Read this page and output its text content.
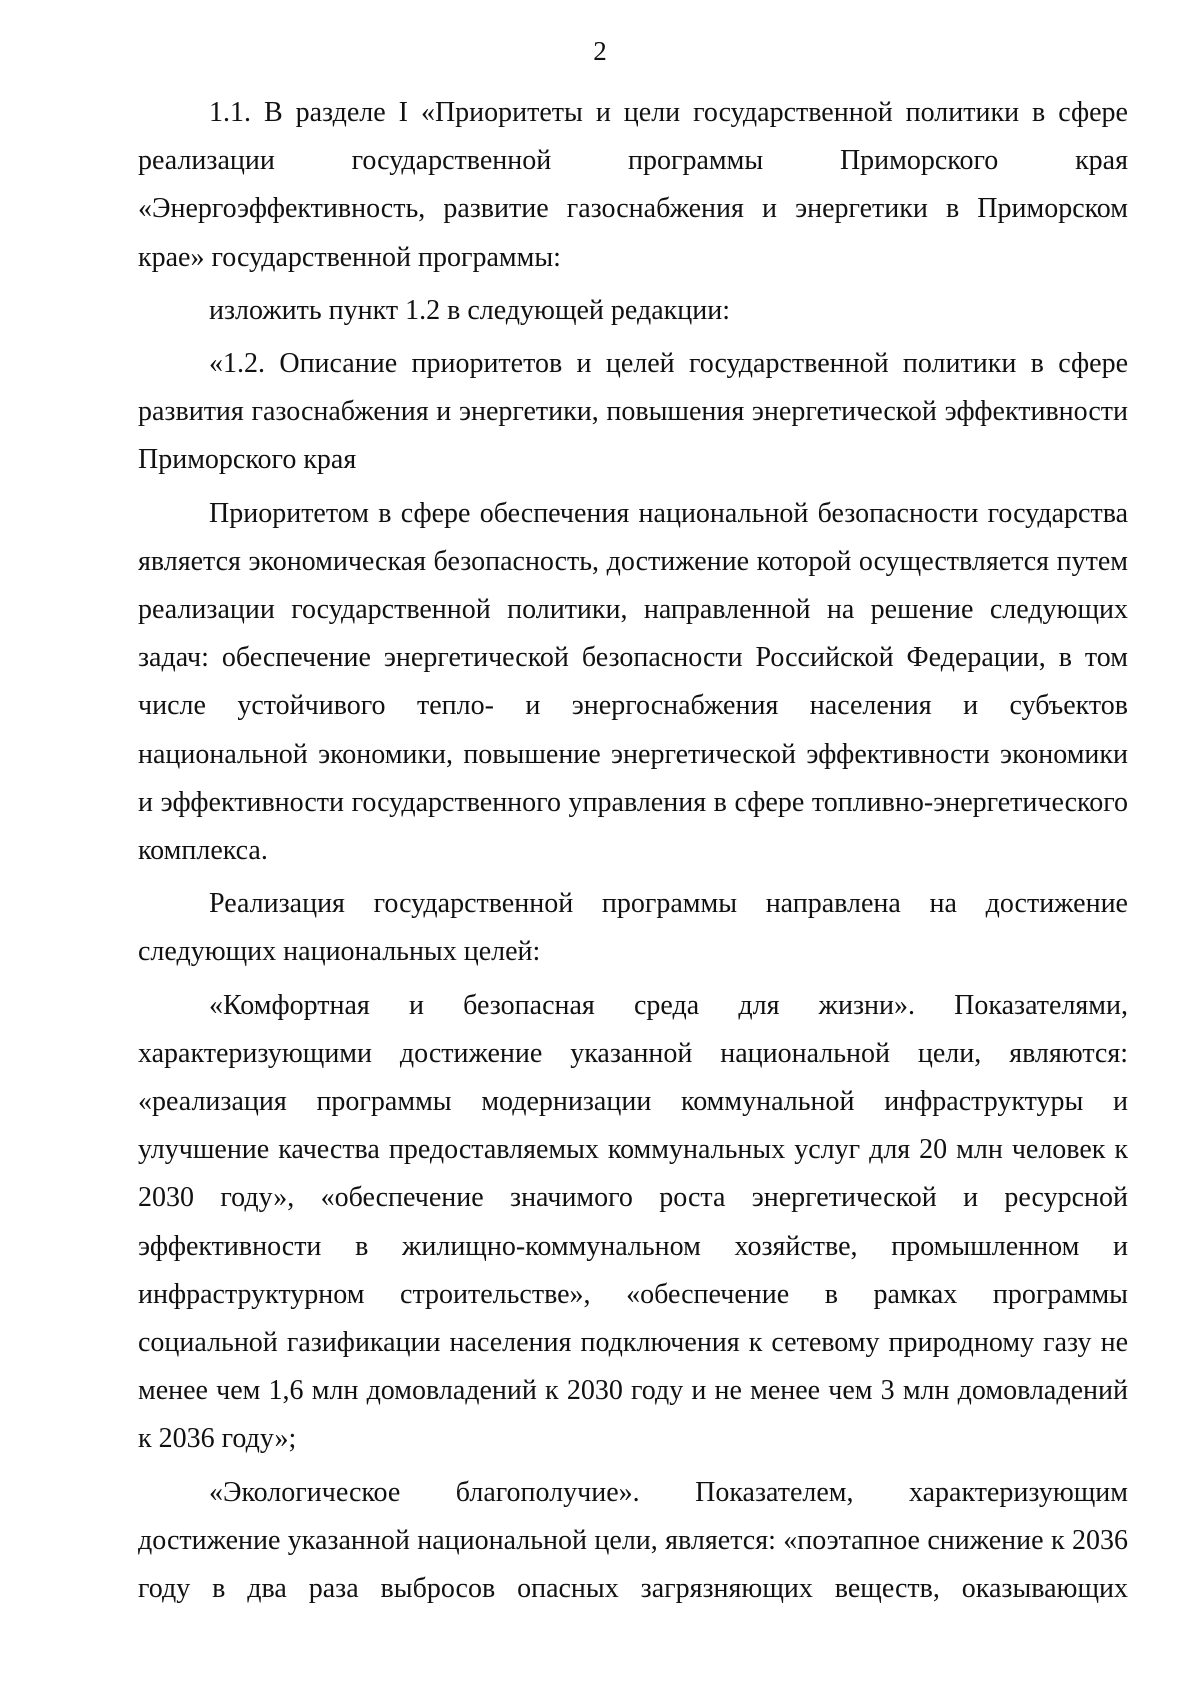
2

1.1. В разделе I «Приоритеты и цели государственной политики в сфере реализации государственной программы Приморского края «Энергоэффективность, развитие газоснабжения и энергетики в Приморском крае» государственной программы:

изложить пункт 1.2 в следующей редакции:

«1.2. Описание приоритетов и целей государственной политики в сфере развития газоснабжения и энергетики, повышения энергетической эффективности Приморского края

Приоритетом в сфере обеспечения национальной безопасности государства является экономическая безопасность, достижение которой осуществляется путем реализации государственной политики, направленной на решение следующих задач: обеспечение энергетической безопасности Российской Федерации, в том числе устойчивого тепло- и энергоснабжения населения и субъектов национальной экономики, повышение энергетической эффективности экономики и эффективности государственного управления в сфере топливно-энергетического комплекса.

Реализация государственной программы направлена на достижение следующих национальных целей:

«Комфортная и безопасная среда для жизни». Показателями, характеризующими достижение указанной национальной цели, являются: «реализация программы модернизации коммунальной инфраструктуры и улучшение качества предоставляемых коммунальных услуг для 20 млн человек к 2030 году», «обеспечение значимого роста энергетической и ресурсной эффективности в жилищно-коммунальном хозяйстве, промышленном и инфраструктурном строительстве», «обеспечение в рамках программы социальной газификации населения подключения к сетевому природному газу не менее чем 1,6 млн домовладений к 2030 году и не менее чем 3 млн домовладений к 2036 году»;

«Экологическое благополучие». Показателем, характеризующим достижение указанной национальной цели, является: «поэтапное снижение к 2036 году в два раза выбросов опасных загрязняющих веществ, оказывающих
